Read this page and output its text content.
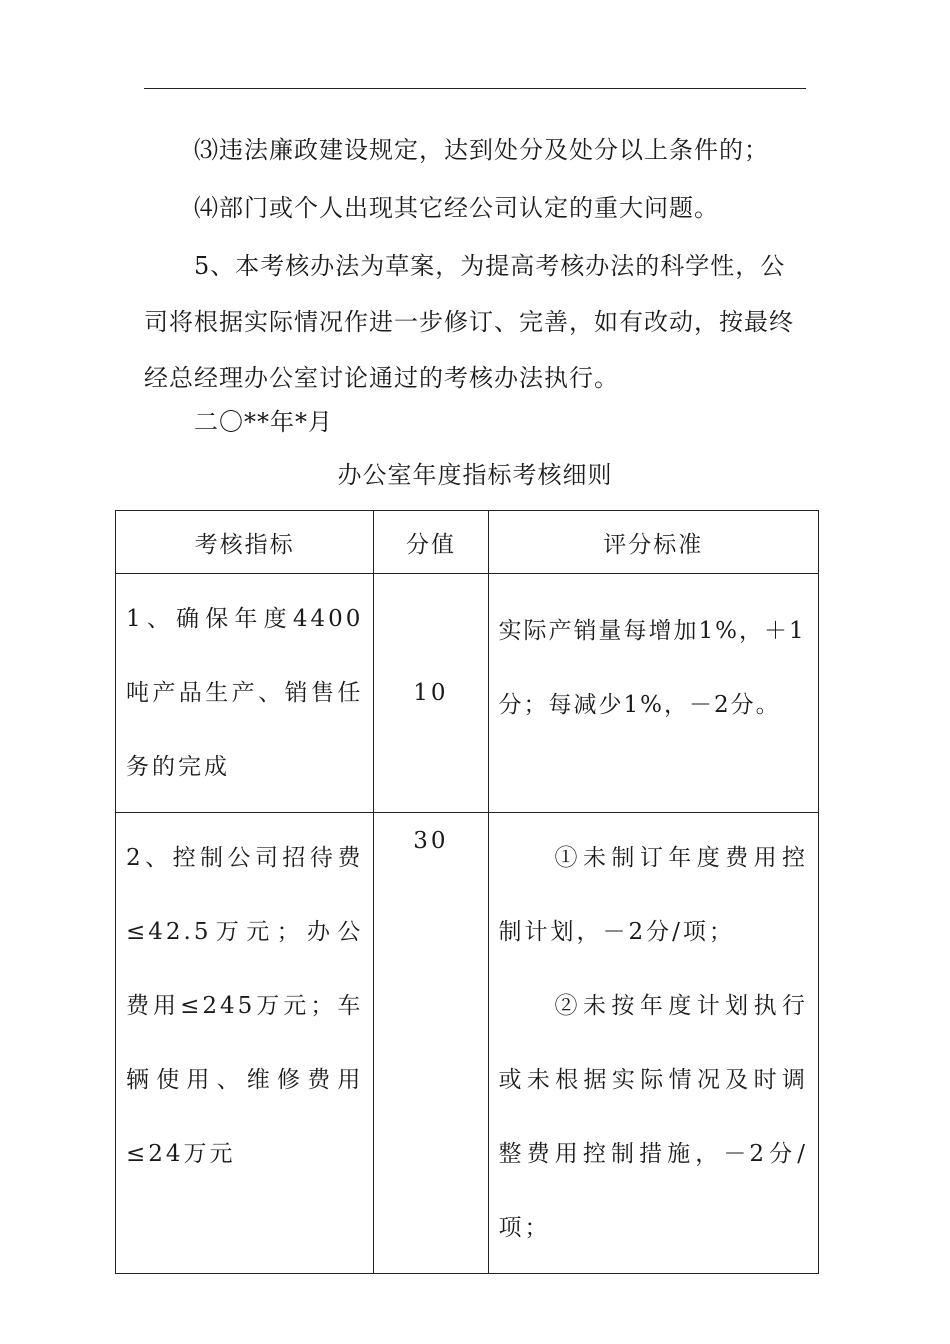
⑶违法廉政建设规定，达到处分及处分以上条件的；

⑷部门或个人出现其它经公司认定的重大问题。

5、本考核办法为草案，为提高考核办法的科学性，公司将根据实际情况作进一步修订、完善，如有改动，按最终经总经理办公室讨论通过的考核办法执行。

二〇**年*月

办公室年度指标考核细则
考核指标	分值	评分标准

1、确保年度4400吨产品生产、销售任务的完成	10	实际产销量每增加1%，＋1分；每减少1%，－2分。

2、控制公司招待费≤42.5万元；办公费用≤245万元；车辆使用、维修费用≤24万元	30	①未制订年度费用控制计划，－2分/项；
②未按年度计划执行或未根据实际情况及时调整费用控制措施，－2分/项；
